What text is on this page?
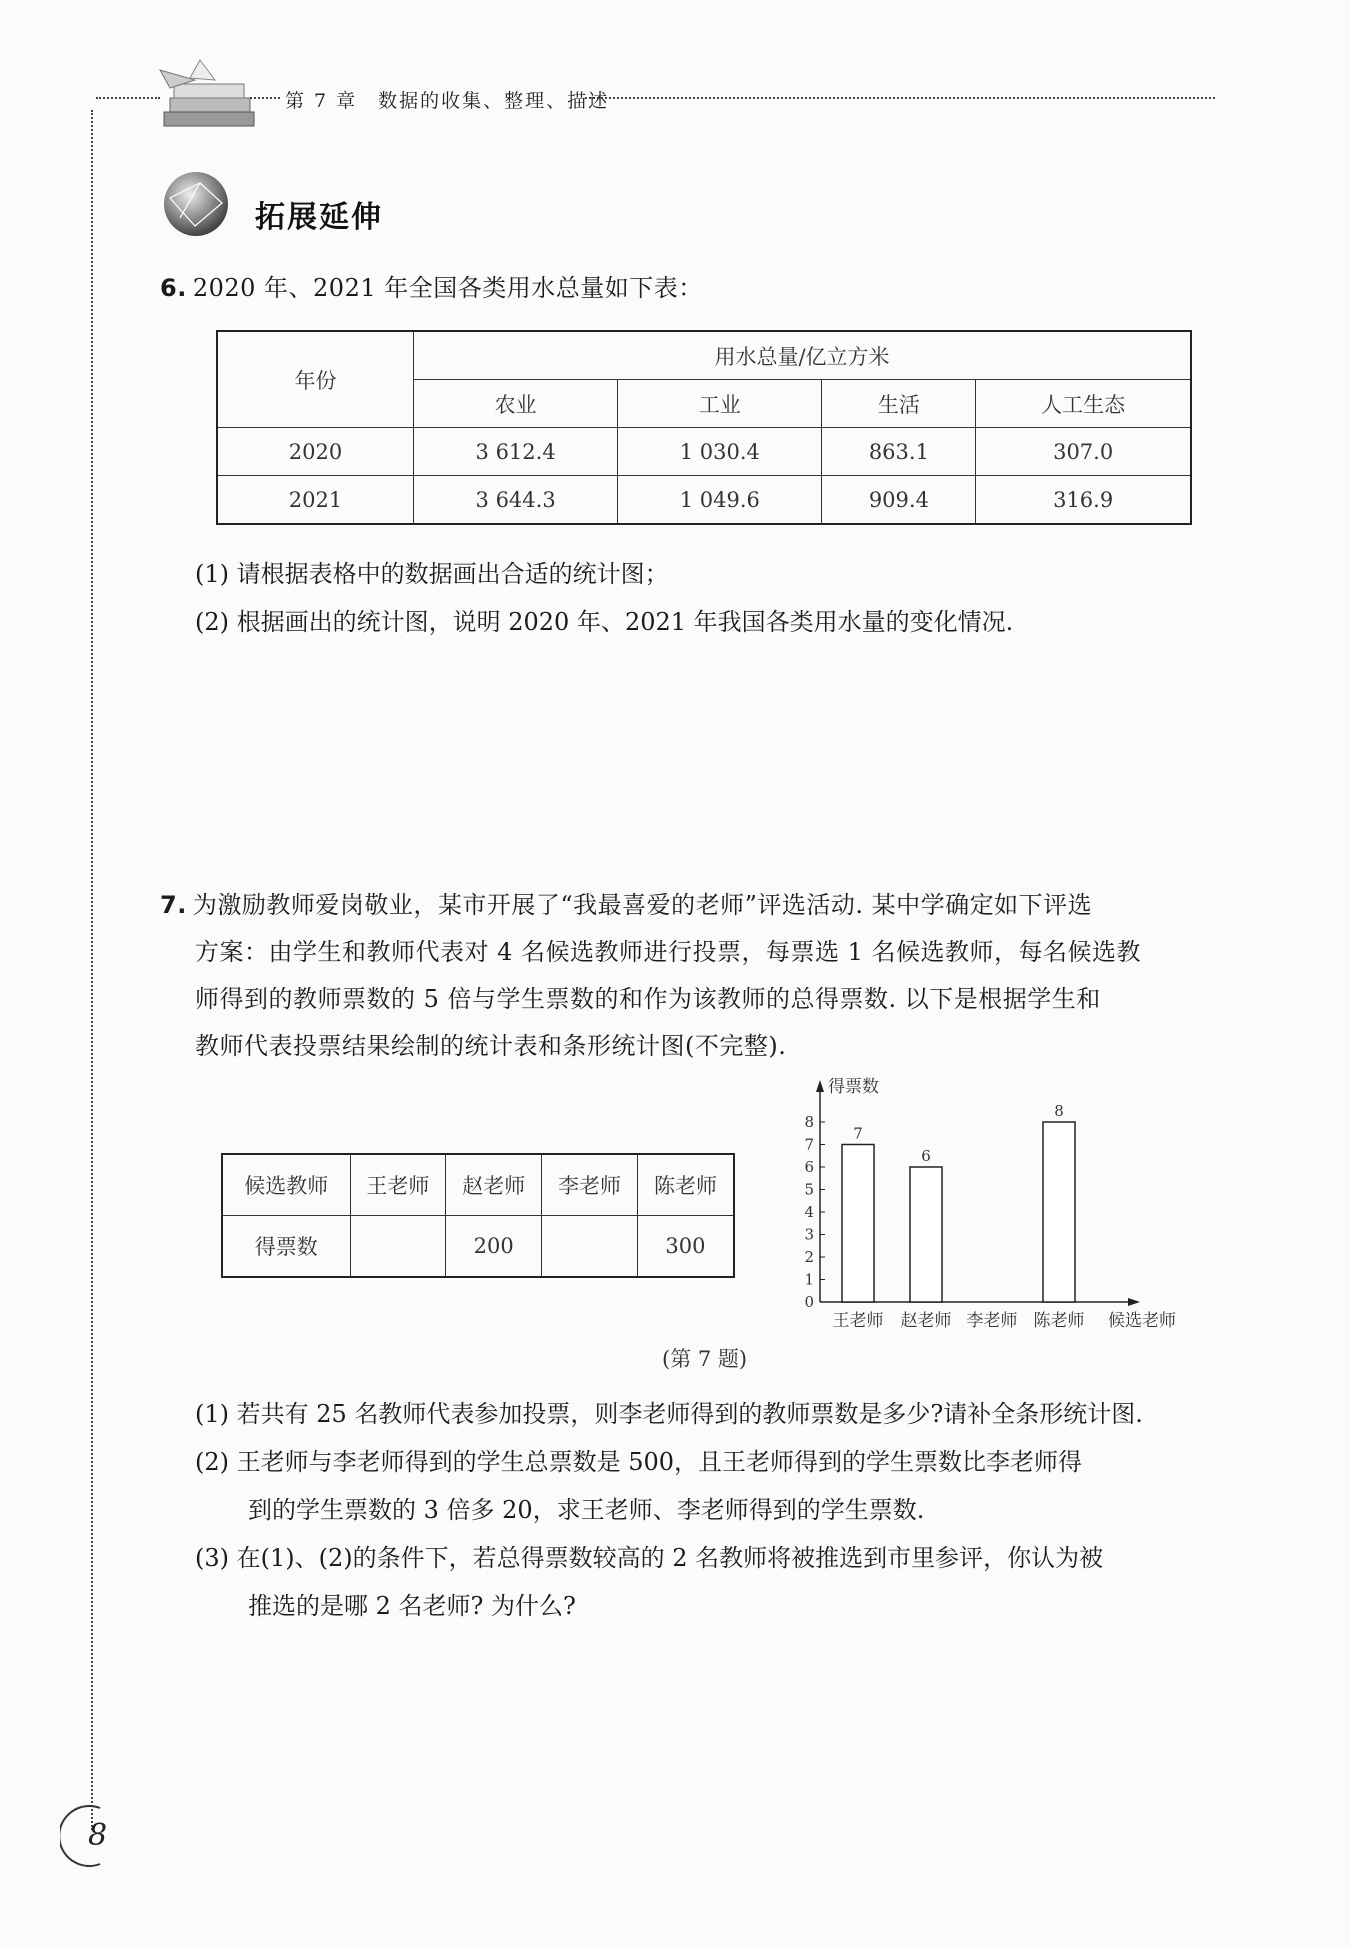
第 7 章　数据的收集、整理、描述
拓展延伸
6. 2020 年、2021 年全国各类用水总量如下表：
年份	用水总量/亿立方米			
	农业	工业	生活	人工生态
2020	3 612.4	1 030.4	863.1	307.0
2021	3 644.3	1 049.6	909.4	316.9
(1) 请根据表格中的数据画出合适的统计图；
(2) 根据画出的统计图，说明 2020 年、2021 年我国各类用水量的变化情况.
7. 为激励教师爱岗敬业，某市开展了“我最喜爱的老师”评选活动. 某中学确定如下评选
方案：由学生和教师代表对 4 名候选教师进行投票，每票选 1 名候选教师，每名候选教
师得到的教师票数的 5 倍与学生票数的和作为该教师的总得票数. 以下是根据学生和
教师代表投票结果绘制的统计表和条形统计图(不完整).
候选教师	王老师	赵老师	李老师	陈老师
得票数		200		300
得票数
候选老师
0
1
2
3
4
5
6
7
8
王老师
7
赵老师
6
李老师 陈老师
8
(第 7 题)
(1) 若共有 25 名教师代表参加投票，则李老师得到的教师票数是多少?请补全条形统计图.
(2) 王老师与李老师得到的学生总票数是 500，且王老师得到的学生票数比李老师得
到的学生票数的 3 倍多 20，求王老师、李老师得到的学生票数.
(3) 在(1)、(2)的条件下，若总得票数较高的 2 名教师将被推选到市里参评，你认为被
推选的是哪 2 名老师? 为什么?
8
